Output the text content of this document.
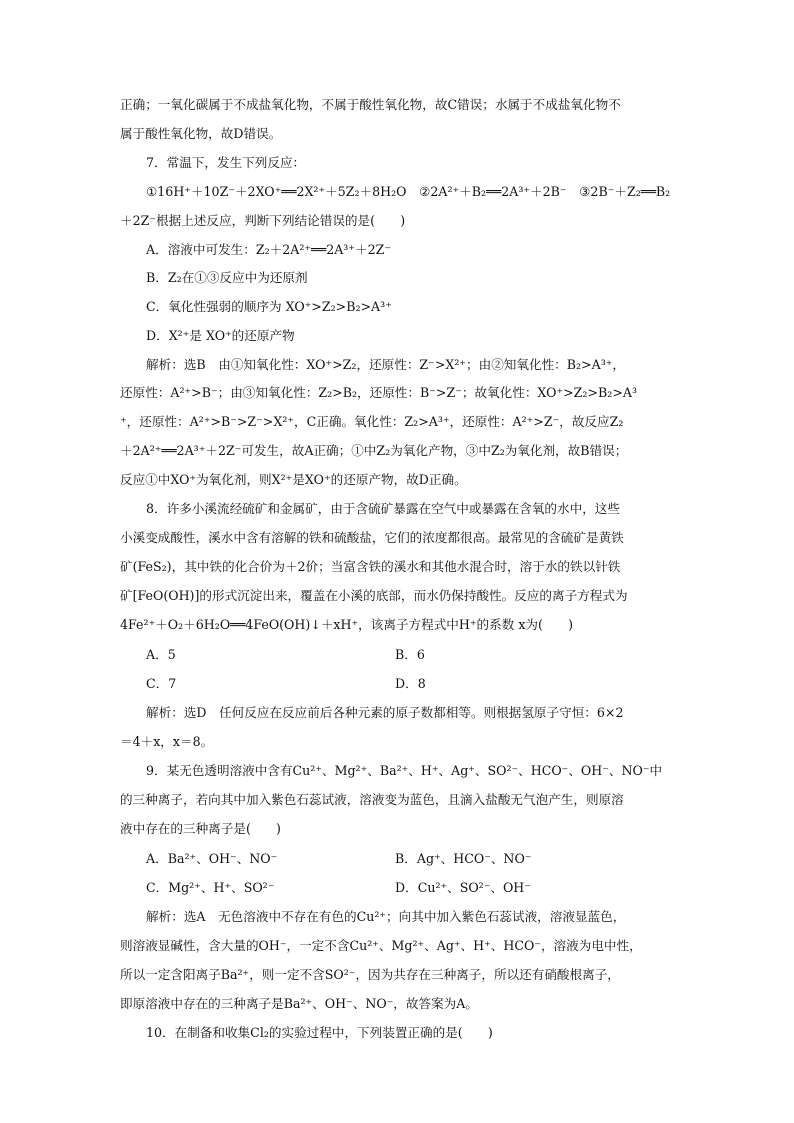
正确；一氧化碳属于不成盐氧化物，不属于酸性氧化物，故C错误；水属于不成盐氧化物不
属于酸性氧化物，故D错误。
7．常温下，发生下列反应：
①16H⁺＋10Z⁻＋2XO⁺══2X²⁺＋5Z₂＋8H₂O　②2A²⁺＋B₂══2A³⁺＋2B⁻　③2B⁻＋Z₂══B₂
＋2Z⁻根据上述反应，判断下列结论错误的是(　　)
A．溶液中可发生：Z₂＋2A²⁺══2A³⁺＋2Z⁻
B．Z₂在①③反应中为还原剂
C．氧化性强弱的顺序为 XO⁺>Z₂>B₂>A³⁺
D．X²⁺是 XO⁺的还原产物
解析：选B　由①知氧化性：XO⁺>Z₂，还原性：Z⁻>X²⁺；由②知氧化性：B₂>A³⁺，
还原性：A²⁺>B⁻；由③知氧化性：Z₂>B₂，还原性：B⁻>Z⁻；故氧化性：XO⁺>Z₂>B₂>A³
⁺，还原性：A²⁺>B⁻>Z⁻>X²⁺，C正确。氧化性：Z₂>A³⁺，还原性：A²⁺>Z⁻，故反应Z₂
＋2A²⁺══2A³⁺＋2Z⁻可发生，故A正确；①中Z₂为氧化产物，③中Z₂为氧化剂，故B错误；
反应①中XO⁺为氧化剂，则X²⁺是XO⁺的还原产物，故D正确。
8．许多小溪流经硫矿和金属矿，由于含硫矿暴露在空气中或暴露在含氧的水中，这些
小溪变成酸性，溪水中含有溶解的铁和硫酸盐，它们的浓度都很高。最常见的含硫矿是黄铁
矿(FeS₂)，其中铁的化合价为＋2价；当富含铁的溪水和其他水混合时，溶于水的铁以针铁
矿[FeO(OH)]的形式沉淀出来，覆盖在小溪的底部，而水仍保持酸性。反应的离子方程式为
4Fe²⁺＋O₂＋6H₂O══4FeO(OH)↓＋xH⁺，该离子方程式中H⁺的系数 x为(　　)
A．5	B．6
C．7	D．8
解析：选D　任何反应在反应前后各种元素的原子数都相等。则根据氢原子守恒：6×2
＝4＋x，x＝8。
9．某无色透明溶液中含有Cu²⁺、Mg²⁺、Ba²⁺、H⁺、Ag⁺、SO²⁻、HCO⁻、OH⁻、NO⁻中
的三种离子，若向其中加入紫色石蕊试液，溶液变为蓝色，且滴入盐酸无气泡产生，则原溶
液中存在的三种离子是(　　)
A．Ba²⁺、OH⁻、NO⁻	B．Ag⁺、HCO⁻、NO⁻
C．Mg²⁺、H⁺、SO²⁻	D．Cu²⁺、SO²⁻、OH⁻
解析：选A　无色溶液中不存在有色的Cu²⁺；向其中加入紫色石蕊试液，溶液显蓝色，
则溶液显碱性，含大量的OH⁻，一定不含Cu²⁺、Mg²⁺、Ag⁺、H⁺、HCO⁻，溶液为电中性，
所以一定含阳离子Ba²⁺，则一定不含SO²⁻，因为共存在三种离子，所以还有硝酸根离子，
即原溶液中存在的三种离子是Ba²⁺、OH⁻、NO⁻，故答案为A。
10．在制备和收集Cl₂的实验过程中，下列装置正确的是(　　)
